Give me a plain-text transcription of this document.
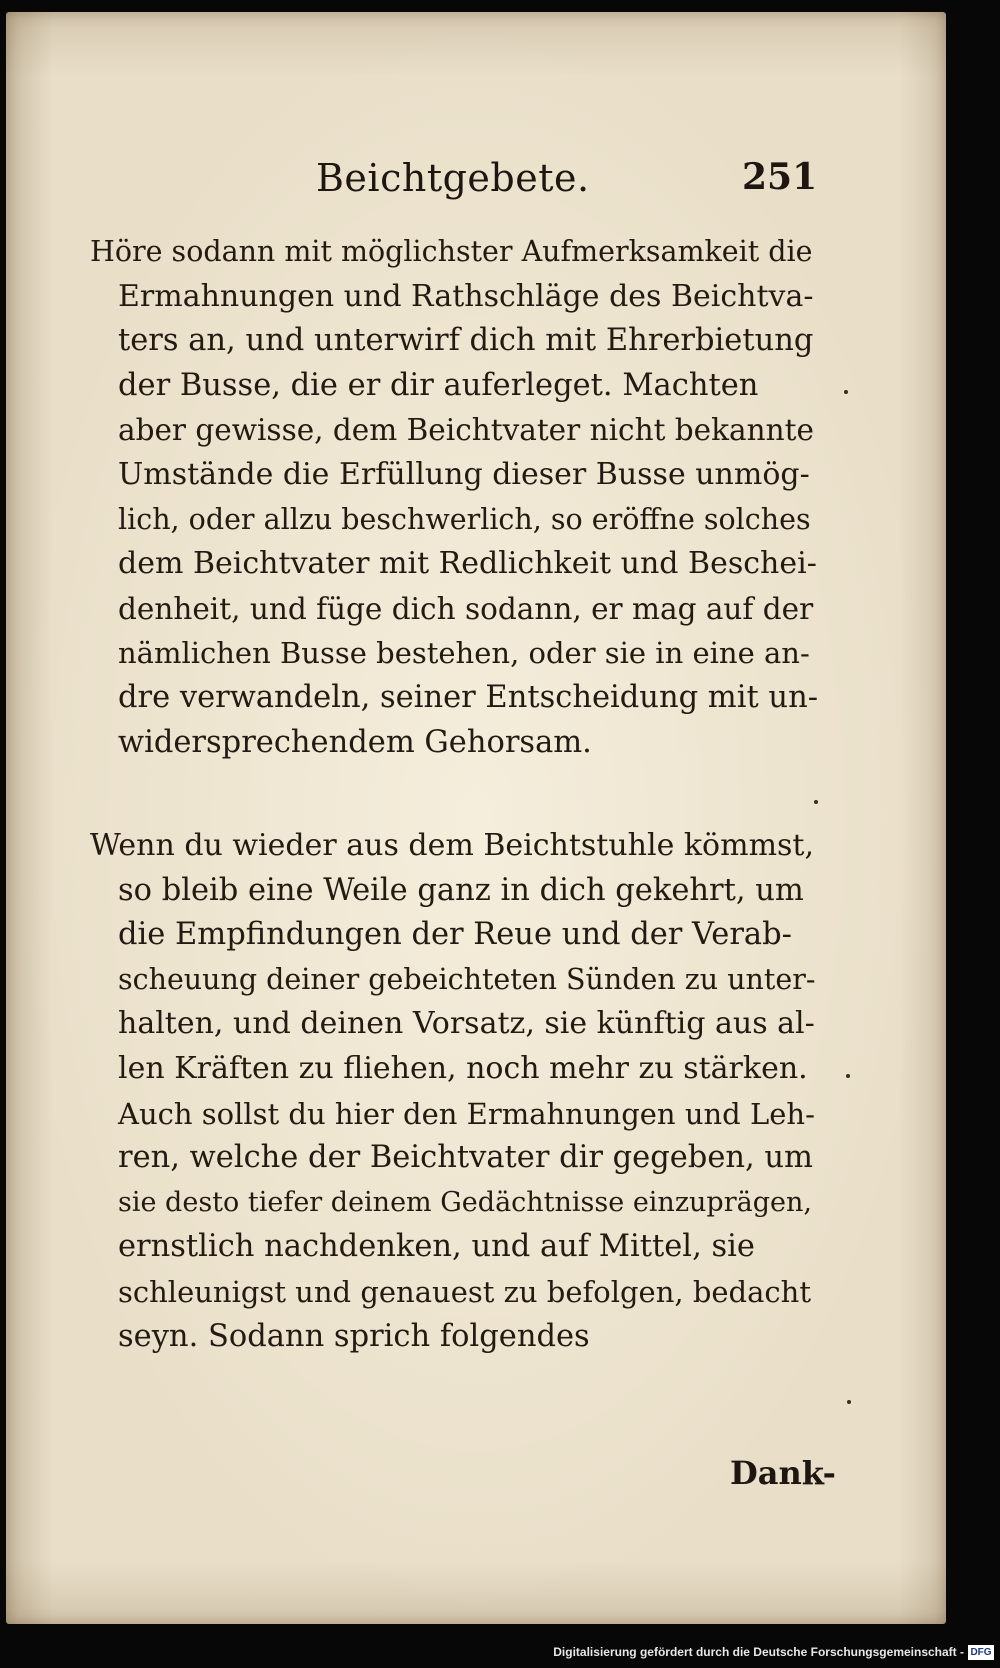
Beichtgebete.	251

Höre sodann mit möglichster Aufmerksamkeit die
Ermahnungen und Rathschläge des Beichtva-
ters an, und unterwirf dich mit Ehrerbietung
der Busse, die er dir auferleget. Machten
aber gewisse, dem Beichtvater nicht bekannte
Umstände die Erfüllung dieser Busse unmög-
lich, oder allzu beschwerlich, so eröffne solches
dem Beichtvater mit Redlichkeit und Beschei-
denheit, und füge dich sodann, er mag auf der
nämlichen Busse bestehen, oder sie in eine an-
dre verwandeln, seiner Entscheidung mit un-
widersprechendem Gehorsam.

Wenn du wieder aus dem Beichtstuhle kömmst,
so bleib eine Weile ganz in dich gekehrt, um
die Empfindungen der Reue und der Verab-
scheuung deiner gebeichteten Sünden zu unter-
halten, und deinen Vorsatz, sie künftig aus al-
len Kräften zu fliehen, noch mehr zu stärken.
Auch sollst du hier den Ermahnungen und Leh-
ren, welche der Beichtvater dir gegeben, um
sie desto tiefer deinem Gedächtnisse einzuprägen,
ernstlich nachdenken, und auf Mittel, sie
schleunigst und genauest zu befolgen, bedacht
seyn. Sodann sprich folgendes

Dank-
Digitalisierung gefördert durch die Deutsche Forschungsgemeinschaft - DFG
